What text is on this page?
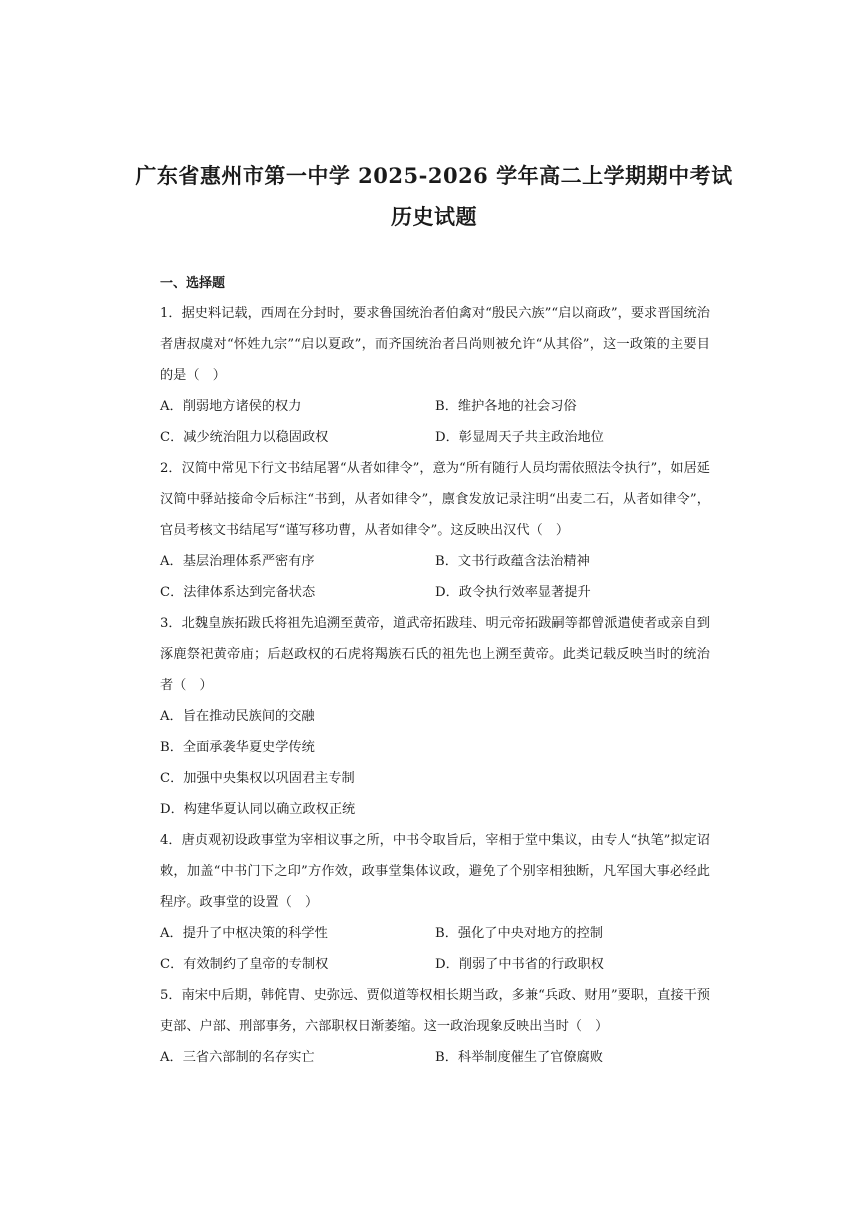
广东省惠州市第一中学 2025-2026 学年高二上学期期中考试
历史试题
一、选择题

1．据史料记载，西周在分封时，要求鲁国统治者伯禽对“殷民六族”“启以商政”，要求晋国统治者唐叔虞对“怀姓九宗”“启以夏政”，而齐国统治者吕尚则被允许“从其俗”，这一政策的主要目的是（　）

A．削弱地方诸侯的权力	B．维护各地的社会习俗
C．减少统治阻力以稳固政权	D．彰显周天子共主政治地位

2．汉简中常见下行文书结尾署“从者如律令”，意为“所有随行人员均需依照法令执行”，如居延汉简中驿站接命令后标注“书到，从者如律令”，廪食发放记录注明“出麦二石，从者如律令”，官员考核文书结尾写“谨写移功曹，从者如律令”。这反映出汉代（　）

A．基层治理体系严密有序	B．文书行政蕴含法治精神
C．法律体系达到完备状态	D．政令执行效率显著提升

3．北魏皇族拓跋氏将祖先追溯至黄帝，道武帝拓跋珪、明元帝拓跋嗣等都曾派遣使者或亲自到涿鹿祭祀黄帝庙；后赵政权的石虎将羯族石氏的祖先也上溯至黄帝。此类记载反映当时的统治者（　）

A．旨在推动民族间的交融
B．全面承袭华夏史学传统
C．加强中央集权以巩固君主专制
D．构建华夏认同以确立政权正统

4．唐贞观初设政事堂为宰相议事之所，中书令取旨后，宰相于堂中集议，由专人“执笔”拟定诏敕，加盖“中书门下之印”方作效，政事堂集体议政，避免了个别宰相独断，凡军国大事必经此程序。政事堂的设置（　）

A．提升了中枢决策的科学性	B．强化了中央对地方的控制
C．有效制约了皇帝的专制权	D．削弱了中书省的行政职权

5．南宋中后期，韩侂胄、史弥远、贾似道等权相长期当政，多兼“兵政、财用”要职，直接干预吏部、户部、刑部事务，六部职权日渐萎缩。这一政治现象反映出当时（　）

A．三省六部制的名存实亡	B．科举制度催生了官僚腐败
